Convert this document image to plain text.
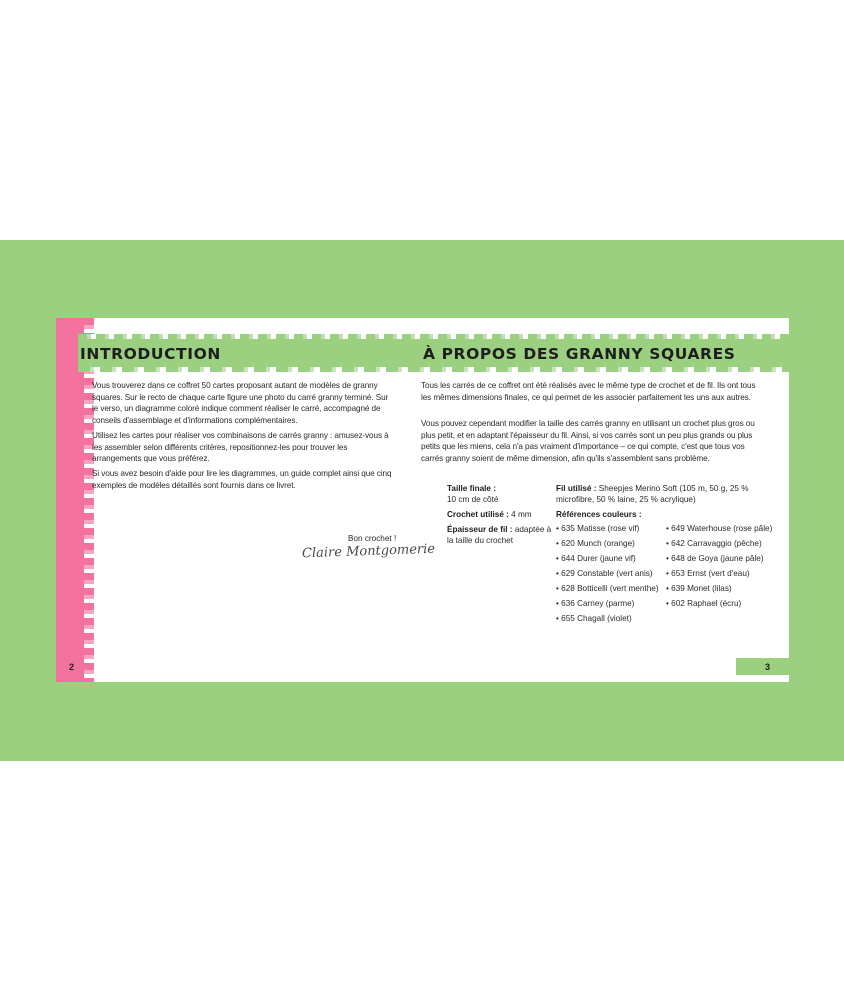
INTRODUCTION	À PROPOS DES GRANNY SQUARES

Vous trouverez dans ce coffret 50 cartes proposant autant de modèles de granny squares. Sur le recto de chaque carte figure une photo du carré granny terminé. Sur le verso, un diagramme coloré indique comment réaliser le carré, accompagné de conseils d'assemblage et d'informations complémentaires.

Utilisez les cartes pour réaliser vos combinaisons de carrés granny : amusez-vous à les assembler selon différents critères, repositionnez-les pour trouver les arrangements que vous préférez.

Si vous avez besoin d'aide pour lire les diagrammes, un guide complet ainsi que cinq exemples de modèles détaillés sont fournis dans ce livret.

Bon crochet !
Claire Montgomerie

Tous les carrés de ce coffret ont été réalisés avec le même type de crochet et de fil. Ils ont tous les mêmes dimensions finales, ce qui permet de les associer parfaitement les uns aux autres.

Vous pouvez cependant modifier la taille des carrés granny en utilisant un crochet plus gros ou plus petit, et en adaptant l'épaisseur du fil. Ainsi, si vos carrés sont un peu plus grands ou plus petits que les miens, cela n'a pas vraiment d'importance – ce qui compte, c'est que tous vos carrés granny soient de même dimension, afin qu'ils s'assemblent sans problème.

Taille finale :
10 cm de côté

Crochet utilisé : 4 mm

Épaisseur de fil : adaptée à la taille du crochet

Fil utilisé : Sheepjes Merino Soft (105 m, 50 g, 25 % microfibre, 50 % laine, 25 % acrylique)

Références couleurs :

• 635 Matisse (rose vif)
• 620 Munch (orange)
• 644 Durer (jaune vif)
• 629 Constable (vert anis)
• 628 Botticelli (vert menthe)
• 636 Carney (parme)
• 655 Chagall (violet)
• 649 Waterhouse (rose pâle)
• 642 Carravaggio (pêche)
• 648 de Goya (jaune pâle)
• 653 Ernst (vert d'eau)
• 639 Monet (lilas)
• 602 Raphael (écru)
2	3
